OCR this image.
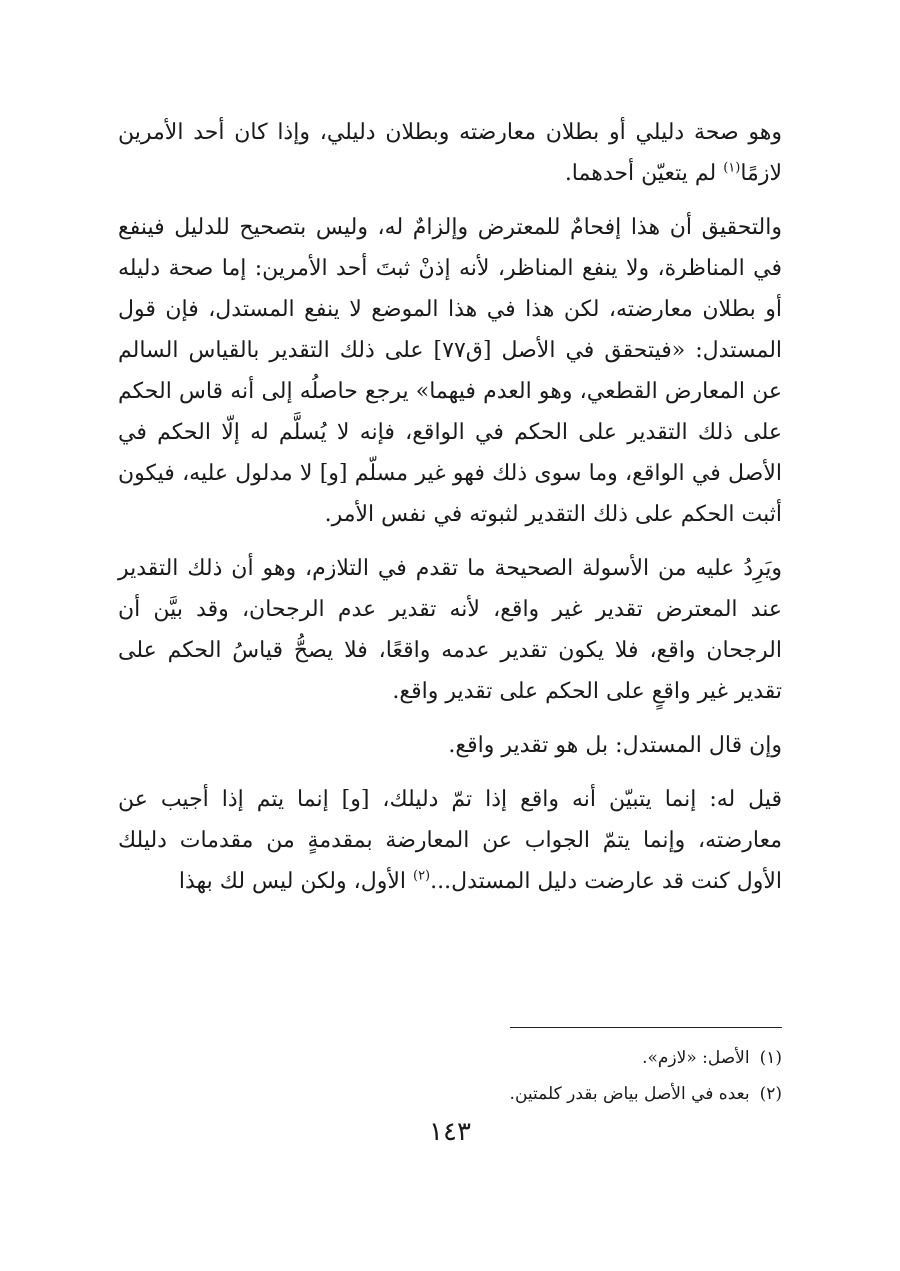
وهو صحة دليلي أو بطلان معارضته وبطلان دليلي، وإذا كان أحد الأمرين لازمًا$^{(١)}$ لم يتعيّن أحدهما.

والتحقيق أن هذا إفحامٌ للمعترض وإلزامٌ له، وليس بتصحيح للدليل فينفع في المناظرة، ولا ينفع المناظر، لأنه إذنْ ثبتَ أحد الأمرين: إما صحة دليله أو بطلان معارضته، لكن هذا في هذا الموضع لا ينفع المستدل، فإن قول المستدل: «فيتحقق في الأصل [ق٧٧] على ذلك التقدير بالقياس السالم عن المعارض القطعي، وهو العدم فيهما» يرجع حاصلُه إلى أنه قاس الحكم على ذلك التقدير على الحكم في الواقع، فإنه لا يُسلَّم له إلّا الحكم في الأصل في الواقع، وما سوى ذلك فهو غير مسلّم [و] لا مدلول عليه، فيكون أثبت الحكم على ذلك التقدير لثبوته في نفس الأمر.

ويَرِدُ عليه من الأسولة الصحيحة ما تقدم في التلازم، وهو أن ذلك التقدير عند المعترض تقدير غير واقع، لأنه تقدير عدم الرجحان، وقد بيَّن أن الرجحان واقع، فلا يكون تقدير عدمه واقعًا، فلا يصحُّ قياسُ الحكم على تقدير غير واقعٍ على الحكم على تقدير واقع.

وإن قال المستدل: بل هو تقدير واقع.

قيل له: إنما يتبيّن أنه واقع إذا تمّ دليلك، [و] إنما يتم إذا أجيب عن معارضته، وإنما يتمّ الجواب عن المعارضة بمقدمةٍ من مقدمات دليلك الأول كنت قد عارضت دليل المستدل...$^{(٢)}$ الأول، ولكن ليس لك بهذا

(١)الأصل: «لازم».

(٢)بعده في الأصل بياض بقدر كلمتين.

١٤٣
